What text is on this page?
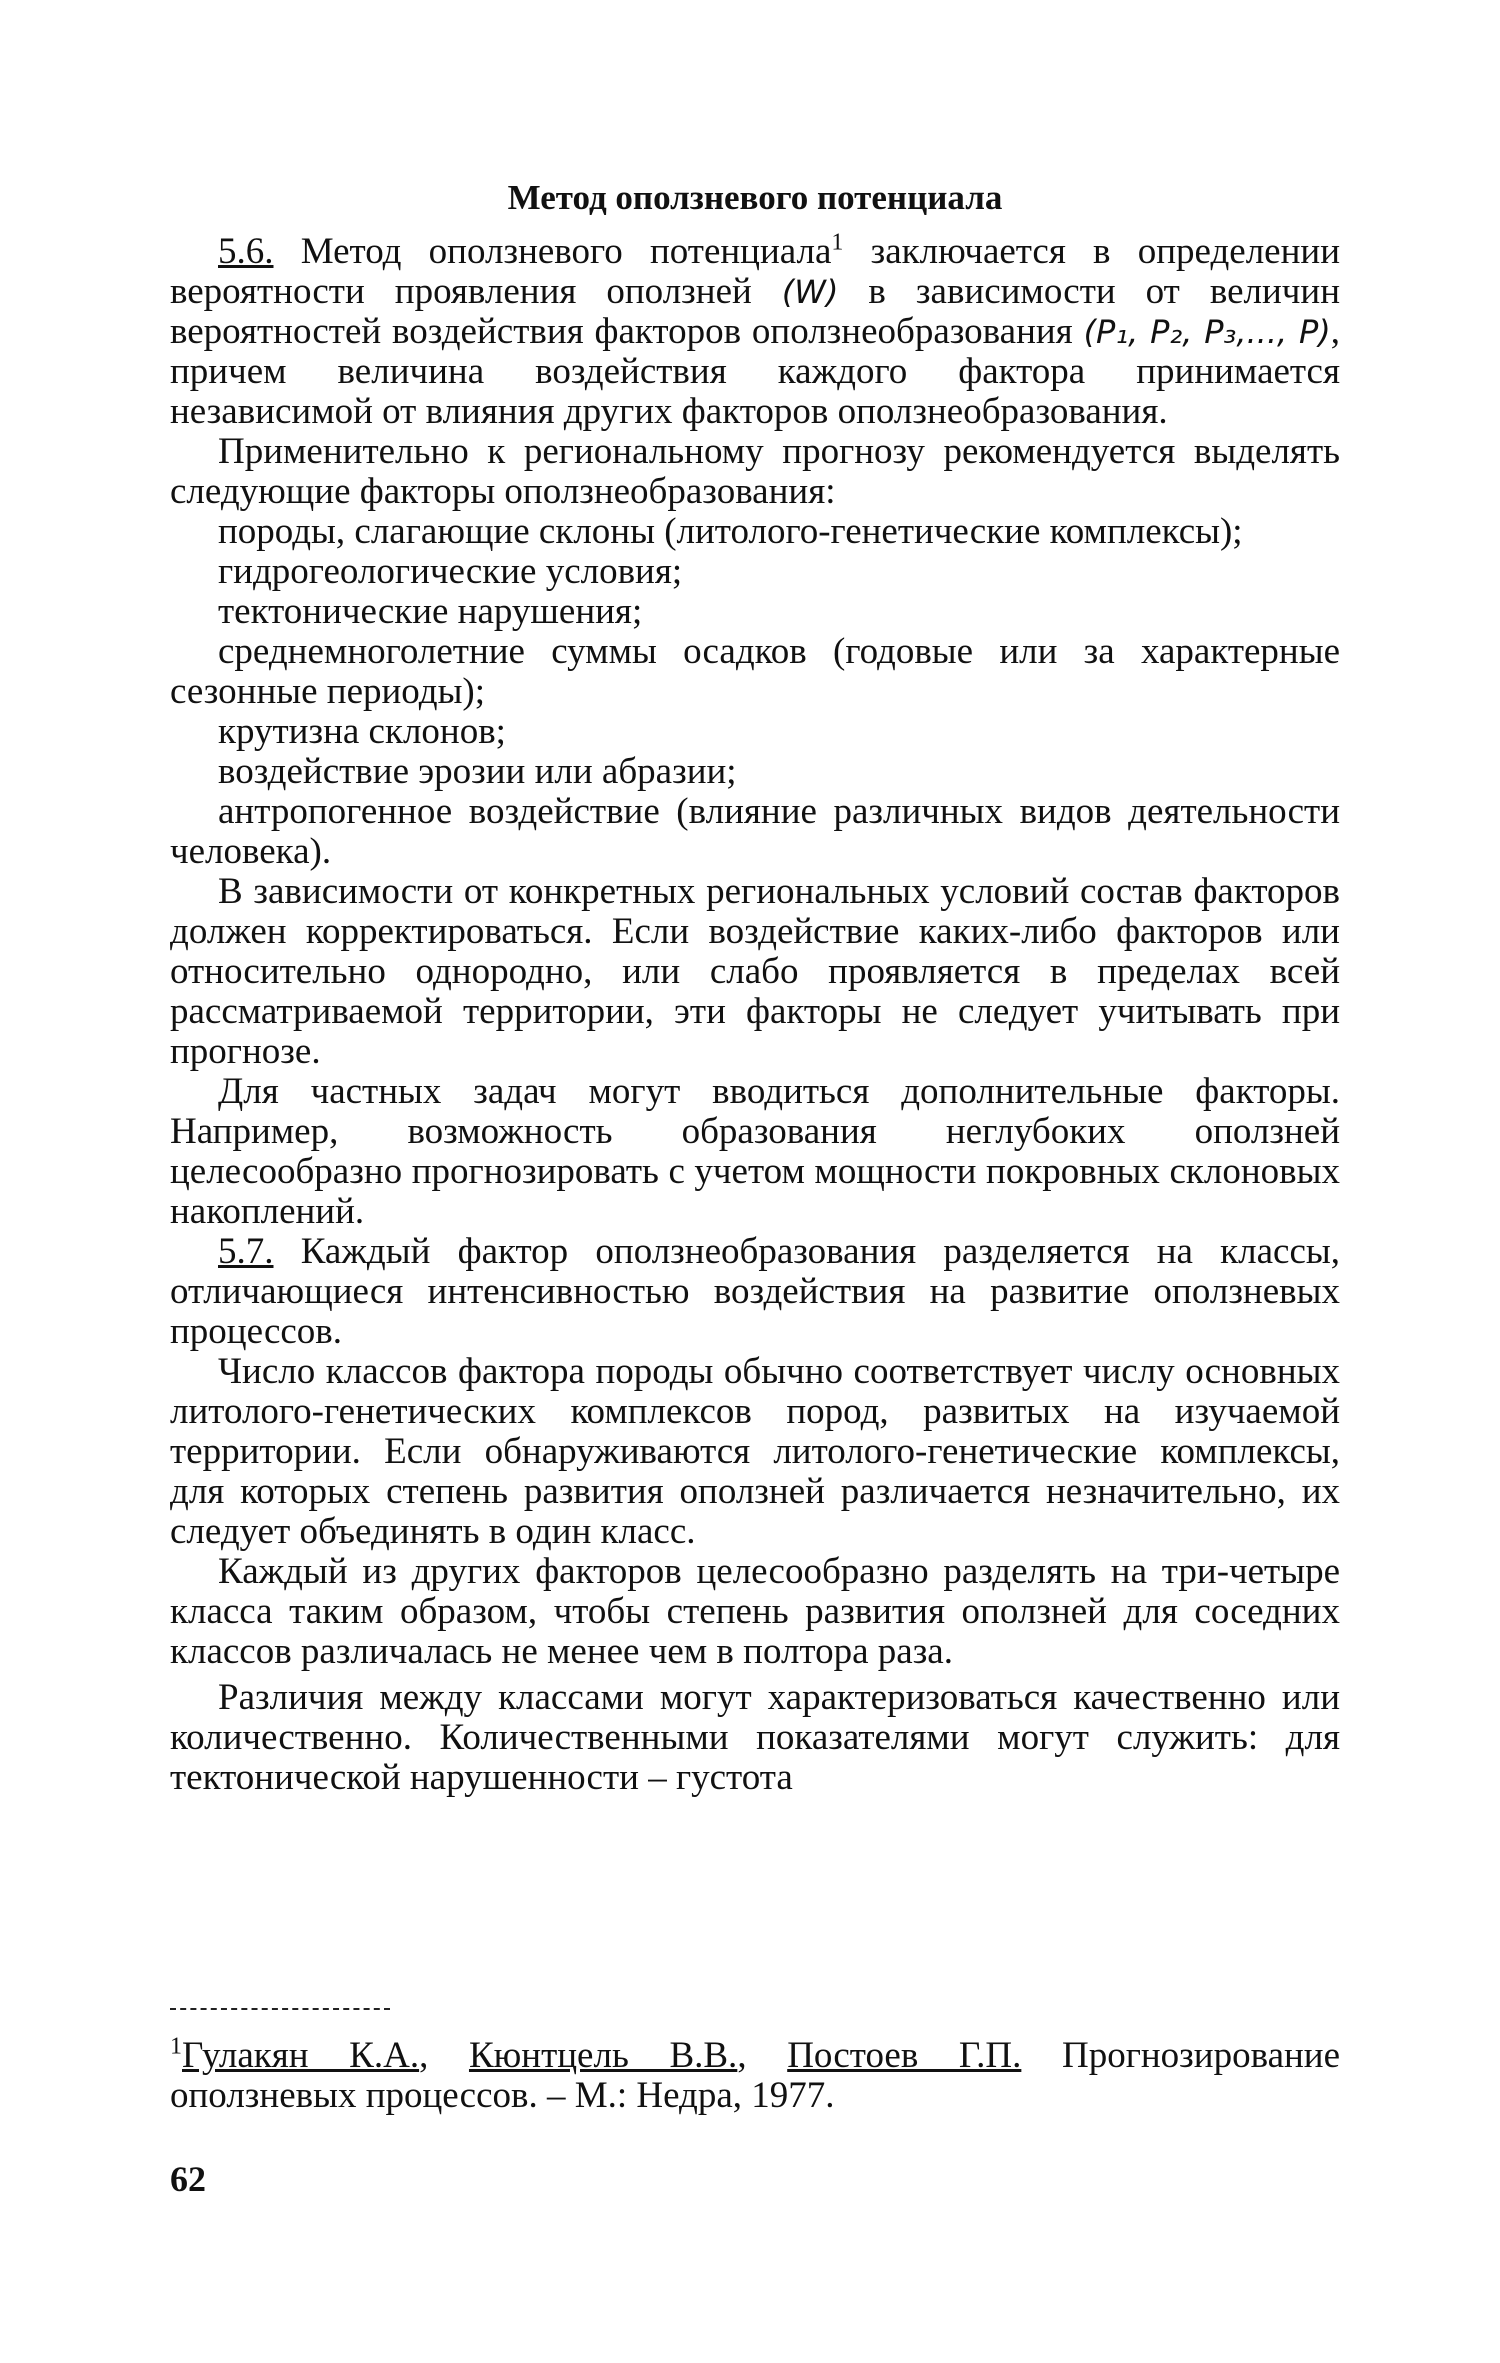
Метод оползневого потенциала

5.6. Метод оползневого потенциала$^1$ заключается в определении вероятности проявления оползней (W) в зависимости от величин вероятностей воздействия факторов оползнеобразования (P₁, P₂, P₃,..., P), причем величина воздействия каждого фактора принимается независимой от влияния других факторов оползнеобразования.

Применительно к региональному прогнозу рекомендуется выделять следующие факторы оползнеобразования:

породы, слагающие склоны (литолого-генетические комплексы);

гидрогеологические условия;

тектонические нарушения;

среднемноголетние суммы осадков (годовые или за характерные сезонные периоды);

крутизна склонов;

воздействие эрозии или абразии;

антропогенное воздействие (влияние различных видов деятельности человека).

В зависимости от конкретных региональных условий состав факторов должен корректироваться. Если воздействие каких-либо факторов или относительно однородно, или слабо проявляется в пределах всей рассматриваемой территории, эти факторы не следует учитывать при прогнозе.

Для частных задач могут вводиться дополнительные факторы. Например, возможность образования неглубоких оползней целесообразно прогнозировать с учетом мощности покровных склоновых накоплений.

5.7. Каждый фактор оползнеобразования разделяется на классы, отличающиеся интенсивностью воздействия на развитие оползневых процессов.

Число классов фактора породы обычно соответствует числу основных литолого-генетических комплексов пород, развитых на изучаемой территории. Если обнаруживаются литолого-генетические комплексы, для которых степень развития оползней различается незначительно, их следует объединять в один класс.

Каждый из других факторов целесообразно разделять на три-четыре класса таким образом, чтобы степень развития оползней для соседних классов различалась не менее чем в полтора раза.

Различия между классами могут характеризоваться качественно или количественно. Количественными показателями могут служить: для тектонической нарушенности – густота

$^1$Гулакян К.А., Кюнтцель В.В., Постоев Г.П. Прогнозирование оползневых процессов. – М.: Недра, 1977.

62
